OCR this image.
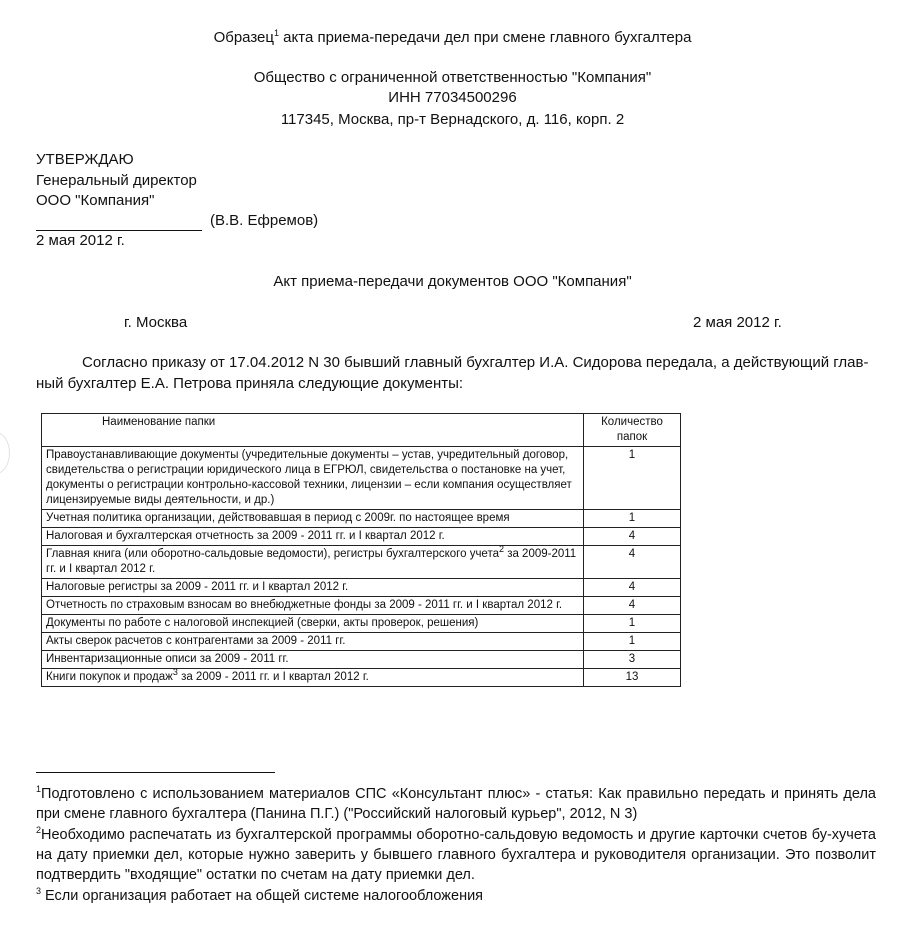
Образец$^1$ акта приема-передачи дел при смене главного бухгалтера
Общество с ограниченной ответственностью "Компания"
ИНН 77034500296
117345, Москва, пр-т Вернадского, д. 116, корп. 2
УТВЕРЖДАЮ
Генеральный директор
ООО "Компания"
(В.В. Ефремов)
2 мая 2012 г.
Акт приема-передачи документов ООО "Компания"
г. Москва	2 мая 2012 г.
Согласно приказу от 17.04.2012 N 30 бывший главный бухгалтер И.А. Сидорова передала, а действующий глав-
ный бухгалтер Е.А. Петрова приняла следующие документы:
Наименование папки	Количество
папок
Правоустанавливающие документы (учредительные документы – устав, учредительный договор, свидетельства о регистрации юридического лица в ЕГРЮЛ, свидетельства о постановке на учет, документы о регистрации контрольно-кассовой техники, лицензии – если компания осуществляет лицензируемые виды деятельности, и др.)	1
Учетная политика организации, действовавшая в период с 2009г. по настоящее время	1
Налоговая и бухгалтерская отчетность за 2009 - 2011 гг. и I квартал 2012 г.	4
Главная книга (или оборотно-сальдовые ведомости), регистры бухгалтерского учета$^2$ за 2009-2011 гг. и I квартал 2012 г.	4
Налоговые регистры за 2009 - 2011 гг. и I квартал 2012 г.	4
Отчетность по страховым взносам во внебюджетные фонды за 2009 - 2011 гг. и I квартал 2012 г.	4
Документы по работе с налоговой инспекцией (сверки, акты проверок, решения)	1
Акты сверок расчетов с контрагентами за 2009 - 2011 гг.	1
Инвентаризационные описи за 2009 - 2011 гг.	3
Книги покупок и продаж$^3$ за 2009 - 2011 гг. и I квартал 2012 г.	13
$^1$Подготовлено с использованием материалов СПС «Консультант плюс» - статья: Как правильно передать и принять дела при смене главного бухгалтера (Панина П.Г.) ("Российский налоговый курьер", 2012, N 3)
$^2$Необходимо распечатать из бухгалтерской программы оборотно-сальдовую ведомость и другие карточки счетов бу-хучета на дату приемки дел, которые нужно заверить у бывшего главного бухгалтера и руководителя организации. Это позволит подтвердить "входящие" остатки по счетам на дату приемки дел.
$^3$ Если организация работает на общей системе налогообложения
